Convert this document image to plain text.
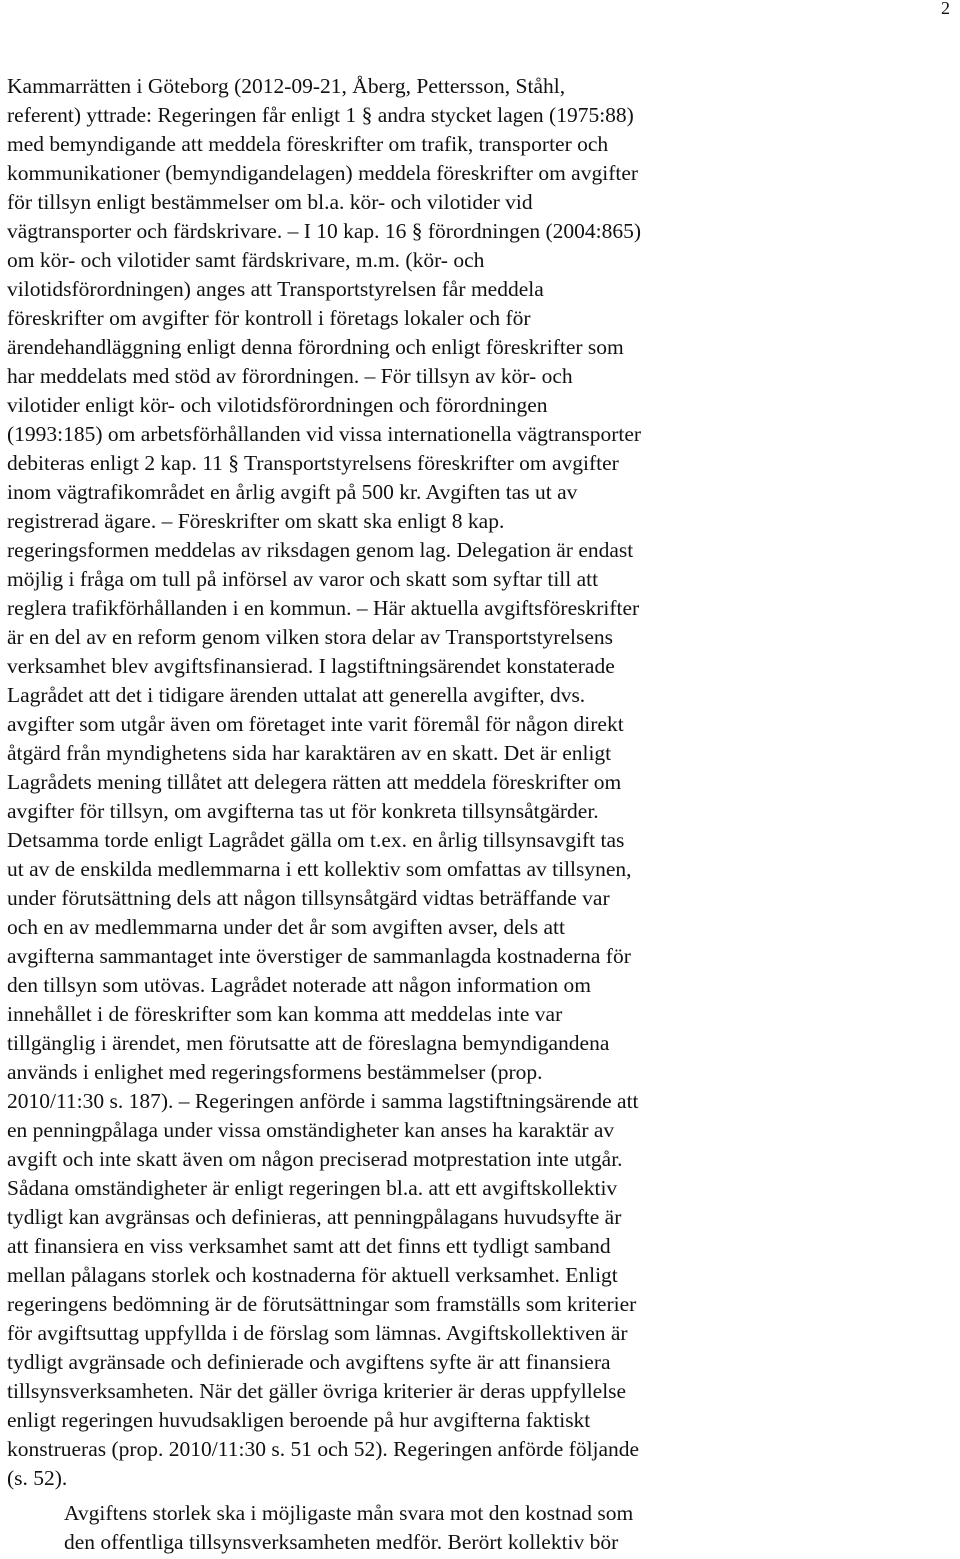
2
Kammarrätten i Göteborg (2012-09-21, Åberg, Pettersson, Ståhl,
referent) yttrade: Regeringen får enligt 1 § andra stycket lagen (1975:88)
med bemyndigande att meddela föreskrifter om trafik, transporter och
kommunikationer (bemyndigandelagen) meddela föreskrifter om avgifter
för tillsyn enligt bestämmelser om bl.a. kör- och vilotider vid
vägtransporter och färdskrivare. – I 10 kap. 16 § förordningen (2004:865)
om kör- och vilotider samt färdskrivare, m.m. (kör- och
vilotidsförordningen) anges att Transportstyrelsen får meddela
föreskrifter om avgifter för kontroll i företags lokaler och för
ärendehandläggning enligt denna förordning och enligt föreskrifter som
har meddelats med stöd av förordningen. – För tillsyn av kör- och
vilotider enligt kör- och vilotidsförordningen och förordningen
(1993:185) om arbetsförhållanden vid vissa internationella vägtransporter
debiteras enligt 2 kap. 11 § Transportstyrelsens föreskrifter om avgifter
inom vägtrafikområdet en årlig avgift på 500 kr. Avgiften tas ut av
registrerad ägare. – Föreskrifter om skatt ska enligt 8 kap.
regeringsformen meddelas av riksdagen genom lag. Delegation är endast
möjlig i fråga om tull på införsel av varor och skatt som syftar till att
reglera trafikförhållanden i en kommun. – Här aktuella avgiftsföreskrifter
är en del av en reform genom vilken stora delar av Transportstyrelsens
verksamhet blev avgiftsfinansierad. I lagstiftningsärendet konstaterade
Lagrådet att det i tidigare ärenden uttalat att generella avgifter, dvs.
avgifter som utgår även om företaget inte varit föremål för någon direkt
åtgärd från myndighetens sida har karaktären av en skatt. Det är enligt
Lagrådets mening tillåtet att delegera rätten att meddela föreskrifter om
avgifter för tillsyn, om avgifterna tas ut för konkreta tillsynsåtgärder.
Detsamma torde enligt Lagrådet gälla om t.ex. en årlig tillsynsavgift tas
ut av de enskilda medlemmarna i ett kollektiv som omfattas av tillsynen,
under förutsättning dels att någon tillsynsåtgärd vidtas beträffande var
och en av medlemmarna under det år som avgiften avser, dels att
avgifterna sammantaget inte överstiger de sammanlagda kostnaderna för
den tillsyn som utövas. Lagrådet noterade att någon information om
innehållet i de föreskrifter som kan komma att meddelas inte var
tillgänglig i ärendet, men förutsatte att de föreslagna bemyndigandena
används i enlighet med regeringsformens bestämmelser (prop.
2010/11:30 s. 187). – Regeringen anförde i samma lagstiftningsärende att
en penningpålaga under vissa omständigheter kan anses ha karaktär av
avgift och inte skatt även om någon preciserad motprestation inte utgår.
Sådana omständigheter är enligt regeringen bl.a. att ett avgiftskollektiv
tydligt kan avgränsas och definieras, att penningpålagans huvudsyfte är
att finansiera en viss verksamhet samt att det finns ett tydligt samband
mellan pålagans storlek och kostnaderna för aktuell verksamhet. Enligt
regeringens bedömning är de förutsättningar som framställs som kriterier
för avgiftsuttag uppfyllda i de förslag som lämnas. Avgiftskollektiven är
tydligt avgränsade och definierade och avgiftens syfte är att finansiera
tillsynsverksamheten. När det gäller övriga kriterier är deras uppfyllelse
enligt regeringen huvudsakligen beroende på hur avgifterna faktiskt
konstrueras (prop. 2010/11:30 s. 51 och 52). Regeringen anförde följande
(s. 52).
Avgiftens storlek ska i möjligaste mån svara mot den kostnad som
den offentliga tillsynsverksamheten medför. Berört kollektiv bör
